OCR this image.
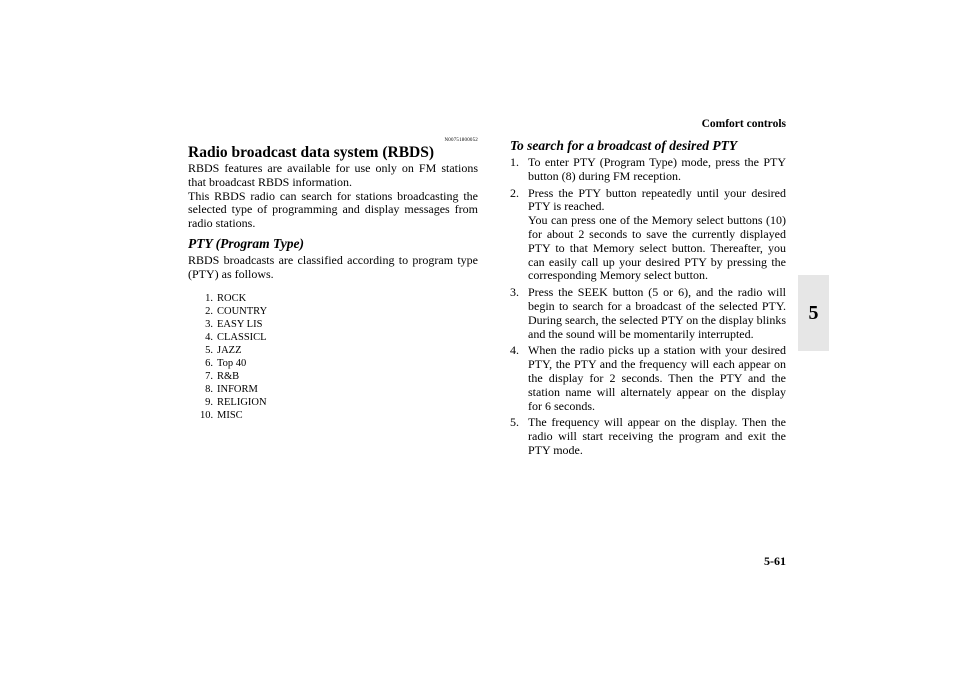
Comfort controls
5
5-61
Radio broadcast data system (RBDS)
N00751800052

RBDS features are available for use only on FM stations that broadcast RBDS information.

This RBDS radio can search for stations broadcasting the selected type of programming and display messages from radio stations.

PTY (Program Type)

RBDS broadcasts are classified according to program type (PTY) as follows.

1. ROCK
2. COUNTRY
3. EASY LIS
4. CLASSICL
5. JAZZ
6. Top 40
7. R&B
8. INFORM
9. RELIGION
10. MISC
To search for a broadcast of desired PTY
1. To enter PTY (Program Type) mode, press the PTY button (8) during FM reception.

2. Press the PTY button repeatedly until your desired PTY is reached.

You can press one of the Memory select buttons (10) for about 2 seconds to save the currently displayed PTY to that Memory select button. Thereafter, you can easily call up your desired PTY by pressing the corresponding Memory select button.

3. Press the SEEK button (5 or 6), and the radio will begin to search for a broadcast of the selected PTY. During search, the selected PTY on the display blinks and the sound will be momentarily interrupted.

4. When the radio picks up a station with your desired PTY, the PTY and the frequency will each appear on the display for 2 seconds. Then the PTY and the station name will alternately appear on the display for 6 seconds.

5. The frequency will appear on the display. Then the radio will start receiving the program and exit the PTY mode.
